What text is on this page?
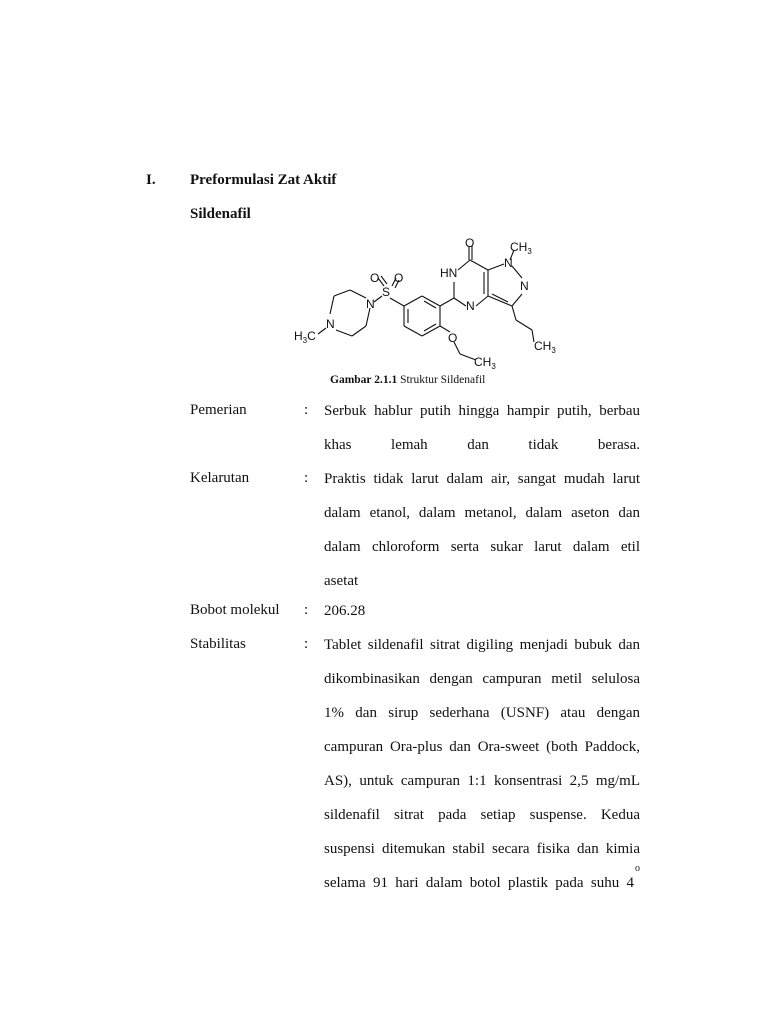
I. Preformulasi Zat Aktif
Sildenafil
O	$CH_3$
HN
N
N
N
O O
S
N
N
$H_3C$	O
$CH_3$
$CH_3$
Gambar 2.1.1 Struktur Sildenafil
Pemerian	: Serbuk hablur putih hingga hampir putih, berbau
khas lemah dan tidak berasa.
Kelarutan	: Praktis tidak larut dalam air, sangat mudah larut
dalam etanol, dalam metanol, dalam aseton dan
dalam chloroform serta sukar larut dalam etil
asetat
Bobot molekul : 206.28
Stabilitas	: Tablet sildenafil sitrat digiling menjadi bubuk dan
dikombinasikan dengan campuran metil selulosa
1% dan sirup sederhana (USNF) atau dengan
campuran Ora-plus dan Ora-sweet (both Paddock,
AS), untuk campuran 1:1 konsentrasi 2,5 mg/mL
sildenafil sitrat pada setiap suspense. Kedua
suspensi ditemukan stabil secara fisika dan kimia
selama 91 hari dalam botol plastik pada suhu 4
o
